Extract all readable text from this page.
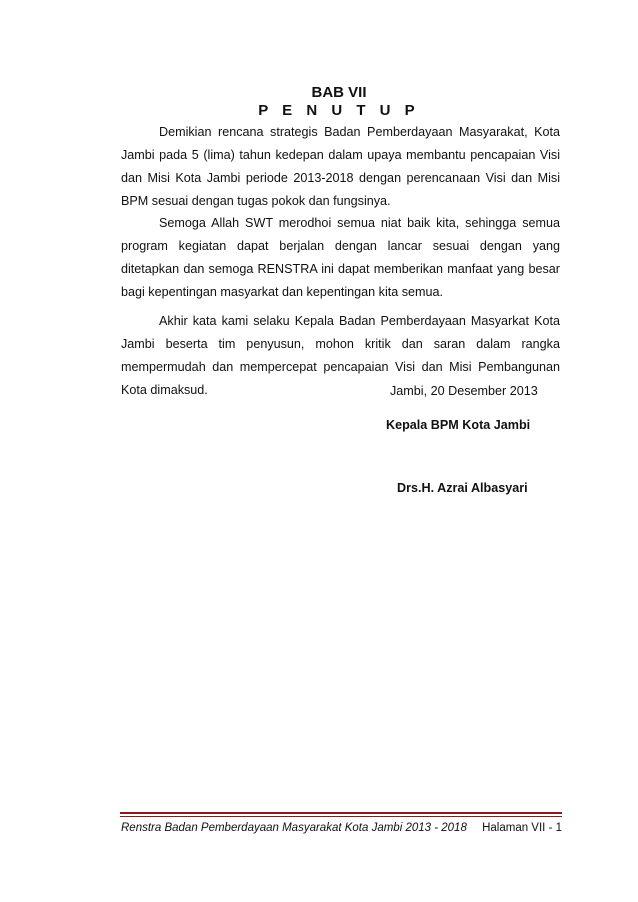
BAB VII
P E N U T U P

Demikian rencana strategis Badan Pemberdayaan Masyarakat, Kota Jambi pada 5 (lima) tahun kedepan dalam upaya membantu pencapaian Visi dan Misi Kota Jambi periode 2013-2018 dengan perencanaan Visi dan Misi BPM sesuai dengan tugas pokok dan fungsinya.

Semoga Allah SWT merodhoi semua niat baik kita, sehingga semua program kegiatan dapat berjalan dengan lancar sesuai dengan yang ditetapkan dan semoga RENSTRA ini dapat memberikan manfaat yang besar bagi kepentingan masyarkat dan kepentingan kita semua.

Akhir kata kami selaku Kepala Badan Pemberdayaan Masyarkat Kota Jambi beserta tim penyusun, mohon kritik dan saran dalam rangka mempermudah dan mempercepat pencapaian Visi dan Misi Pembangunan Kota dimaksud.	Jambi, 20 Desember 2013
Kepala BPM Kota Jambi
Drs.H. Azrai Albasyari
Renstra Badan Pemberdayaan Masyarakat Kota Jambi 2013 - 2018 Halaman VII - 1
